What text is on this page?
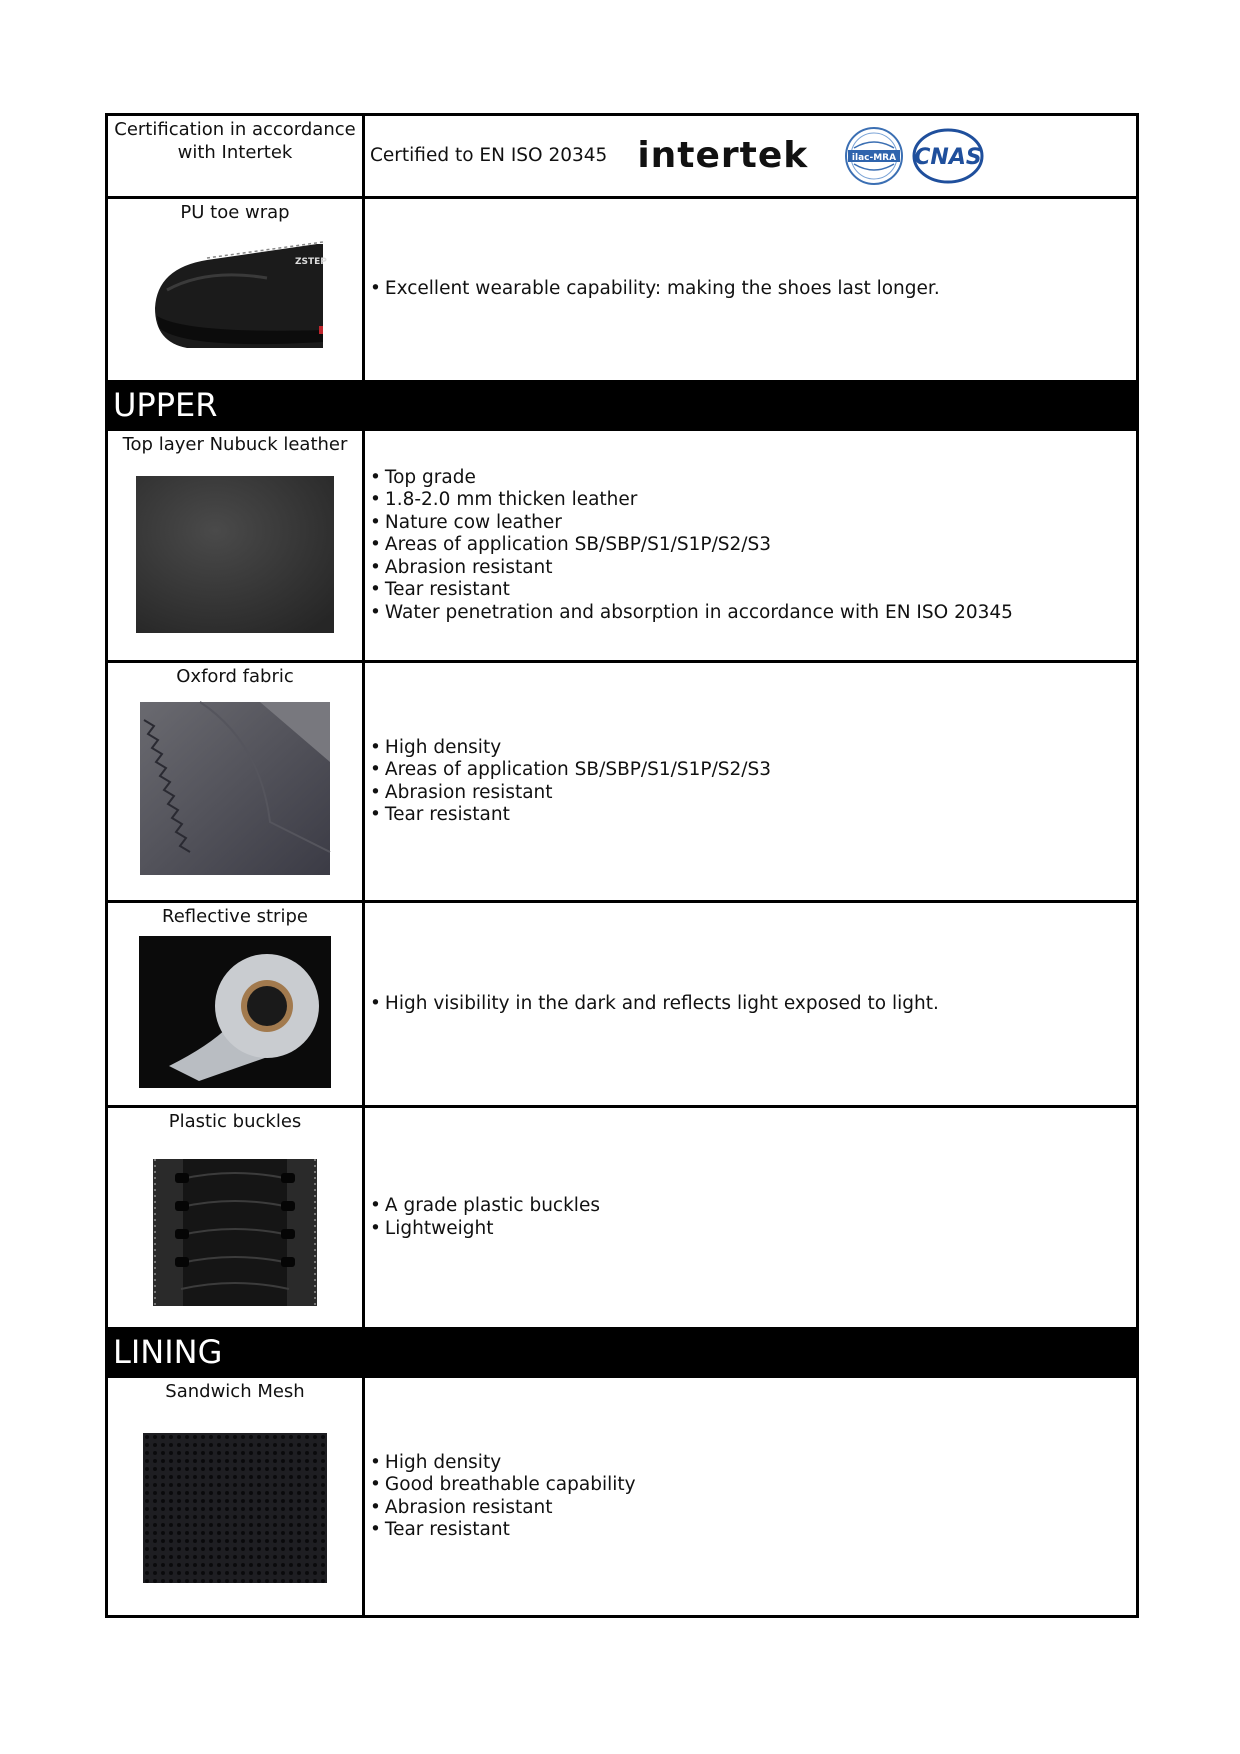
Certification in accordance with Intertek	Certified to EN ISO 20345 intertek	ilac-MRA CNAS
PU toe wrap
ZSTEP
• Excellent wearable capability: making the shoes last longer.
UPPER
Top layer Nubuck leather
• Top grade
• 1.8-2.0 mm thicken leather
• Nature cow leather
• Areas of application SB/SBP/S1/S1P/S2/S3
• Abrasion resistant
• Tear resistant
• Water penetration and absorption in accordance with EN ISO 20345
Oxford fabric
• High density
• Areas of application SB/SBP/S1/S1P/S2/S3
• Abrasion resistant
• Tear resistant
Reflective stripe
• High visibility in the dark and reflects light exposed to light.
Plastic buckles
• A grade plastic buckles
• Lightweight
LINING
Sandwich Mesh
• High density
• Good breathable capability
• Abrasion resistant
• Tear resistant
